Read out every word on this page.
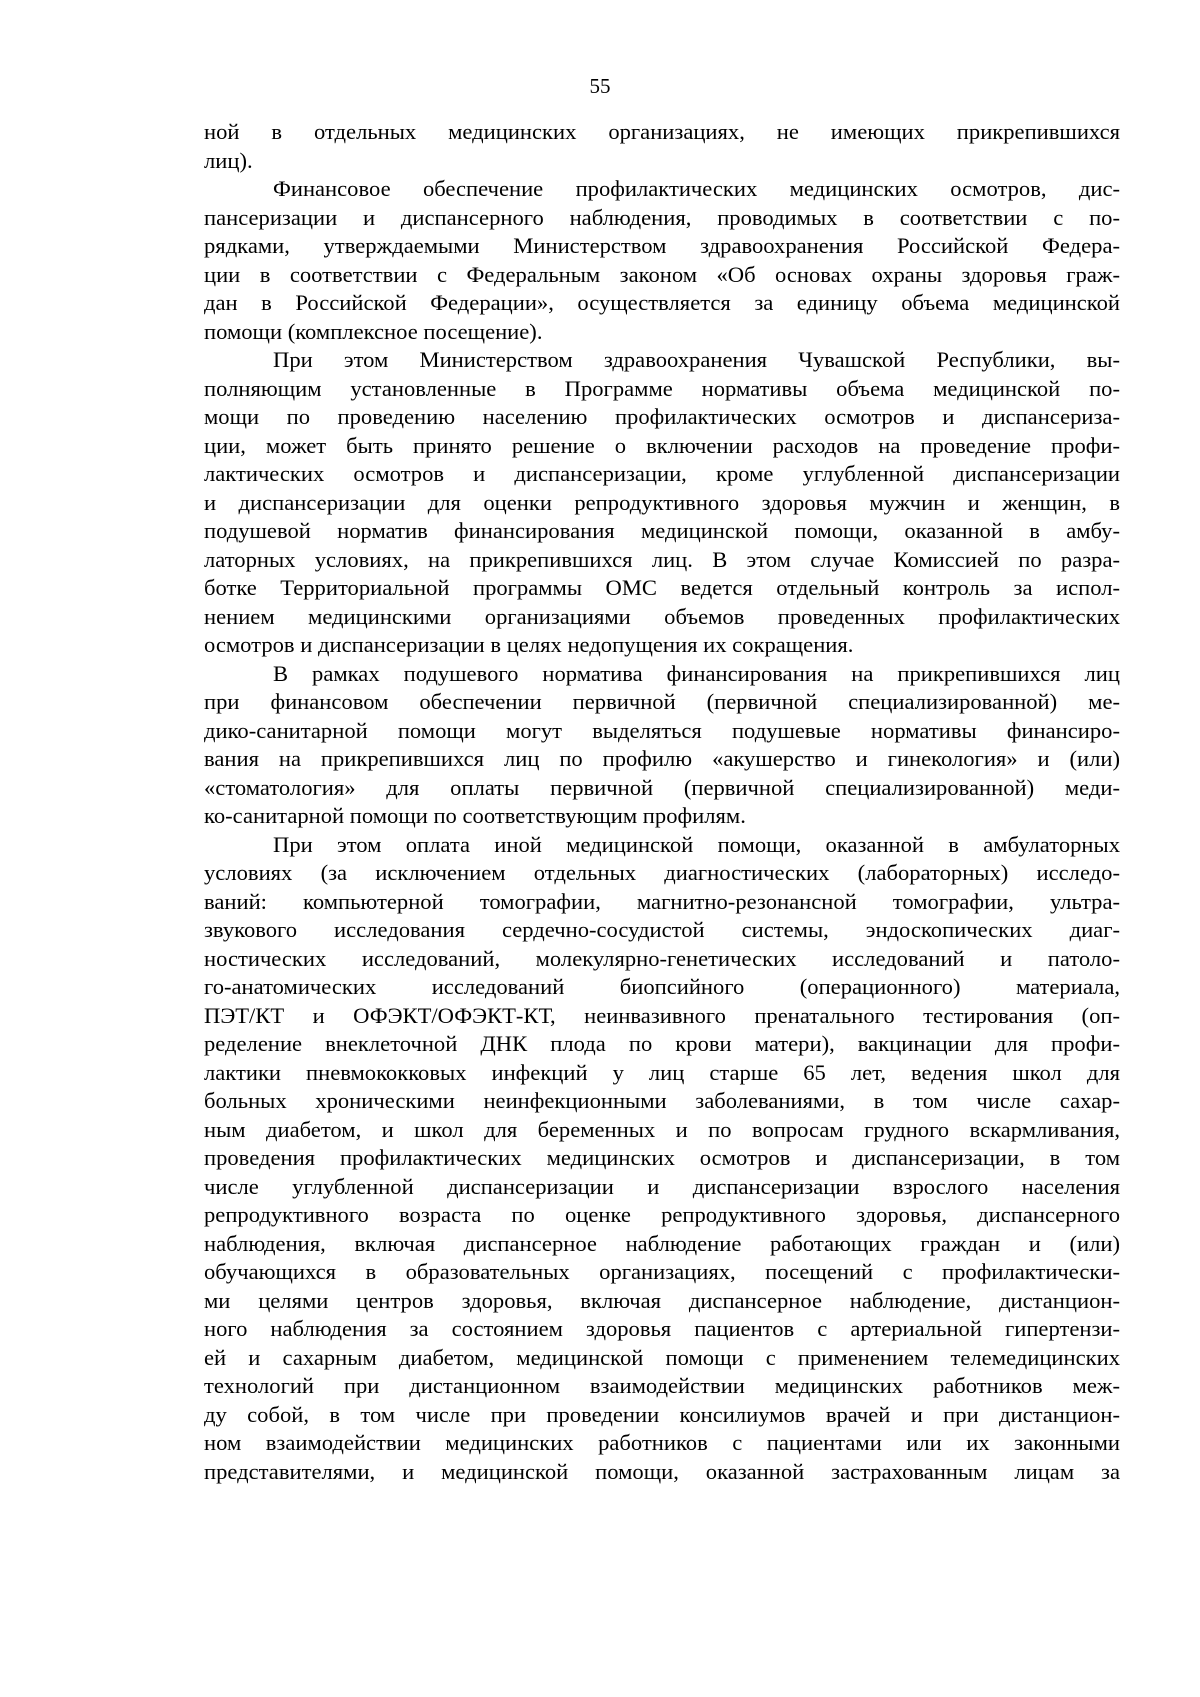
55
ной в отдельных медицинских организациях, не имеющих прикрепившихся
лиц).
Финансовое обеспечение профилактических медицинских осмотров, дис-
пансеризации и диспансерного наблюдения, проводимых в соответствии с по-
рядками, утверждаемыми Министерством здравоохранения Российской Федера-
ции в соответствии с Федеральным законом «Об основах охраны здоровья граж-
дан в Российской Федерации», осуществляется за единицу объема медицинской
помощи (комплексное посещение).
При этом Министерством здравоохранения Чувашской Республики, вы-
полняющим установленные в Программе нормативы объема медицинской по-
мощи по проведению населению профилактических осмотров и диспансериза-
ции, может быть принято решение о включении расходов на проведение профи-
лактических осмотров и диспансеризации, кроме углубленной диспансеризации
и диспансеризации для оценки репродуктивного здоровья мужчин и женщин, в
подушевой норматив финансирования медицинской помощи, оказанной в амбу-
латорных условиях, на прикрепившихся лиц. В этом случае Комиссией по разра-
ботке Территориальной программы ОМС ведется отдельный контроль за испол-
нением медицинскими организациями объемов проведенных профилактических
осмотров и диспансеризации в целях недопущения их сокращения.
В рамках подушевого норматива финансирования на прикрепившихся лиц
при финансовом обеспечении первичной (первичной специализированной) ме-
дико-санитарной помощи могут выделяться подушевые нормативы финансиро-
вания на прикрепившихся лиц по профилю «акушерство и гинекология» и (или)
«стоматология» для оплаты первичной (первичной специализированной) меди-
ко-санитарной помощи по соответствующим профилям.
При этом оплата иной медицинской помощи, оказанной в амбулаторных
условиях (за исключением отдельных диагностических (лабораторных) исследо-
ваний: компьютерной томографии, магнитно-резонансной томографии, ультра-
звукового исследования сердечно-сосудистой системы, эндоскопических диаг-
ностических исследований, молекулярно-генетических исследований и патоло-
го-анатомических исследований биопсийного (операционного) материала,
ПЭТ/КТ и ОФЭКТ/ОФЭКТ-КТ, неинвазивного пренатального тестирования (оп-
ределение внеклеточной ДНК плода по крови матери), вакцинации для профи-
лактики пневмококковых инфекций у лиц старше 65 лет, ведения школ для
больных хроническими неинфекционными заболеваниями, в том числе сахар-
ным диабетом, и школ для беременных и по вопросам грудного вскармливания,
проведения профилактических медицинских осмотров и диспансеризации, в том
числе углубленной диспансеризации и диспансеризации взрослого населения
репродуктивного возраста по оценке репродуктивного здоровья, диспансерного
наблюдения, включая диспансерное наблюдение работающих граждан и (или)
обучающихся в образовательных организациях, посещений с профилактически-
ми целями центров здоровья, включая диспансерное наблюдение, дистанцион-
ного наблюдения за состоянием здоровья пациентов с артериальной гипертензи-
ей и сахарным диабетом, медицинской помощи с применением телемедицинских
технологий при дистанционном взаимодействии медицинских работников меж-
ду собой, в том числе при проведении консилиумов врачей и при дистанцион-
ном взаимодействии медицинских работников с пациентами или их законными
представителями, и медицинской помощи, оказанной застрахованным лицам за
